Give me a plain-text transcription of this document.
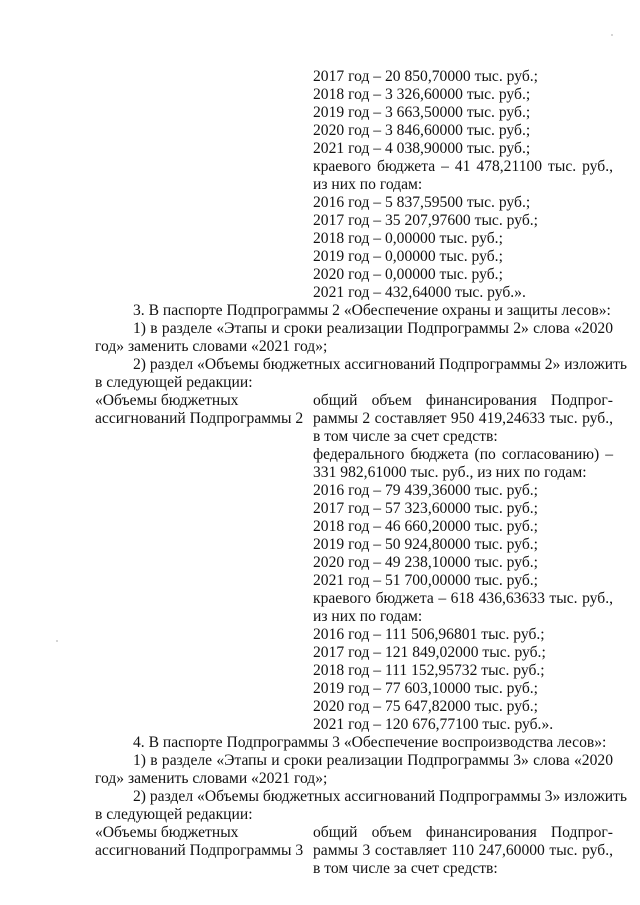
2017 год – 20 850,70000 тыс. руб.;
2018 год – 3 326,60000 тыс. руб.;
2019 год – 3 663,50000 тыс. руб.;
2020 год – 3 846,60000 тыс. руб.;
2021 год – 4 038,90000 тыс. руб.;
краевого бюджета – 41 478,21100 тыс. руб.,
из них по годам:
2016 год – 5 837,59500 тыс. руб.;
2017 год – 35 207,97600 тыс. руб.;
2018 год – 0,00000 тыс. руб.;
2019 год – 0,00000 тыс. руб.;
2020 год – 0,00000 тыс. руб.;
2021 год – 432,64000 тыс. руб.».
3. В паспорте Подпрограммы 2 «Обеспечение охраны и защиты лесов»:
1) в разделе «Этапы и сроки реализации Подпрограммы 2» слова «2020
год» заменить словами «2021 год»;
2) раздел «Объемы бюджетных ассигнований Подпрограммы 2» изложить
в следующей редакции:
«Объемы бюджетных
ассигнований Подпрограммы 2
общий объем финансирования Подпрог-
раммы 2 составляет 950 419,24633 тыс. руб.,
в том числе за счет средств:
федерального бюджета (по согласованию) –
331 982,61000 тыс. руб., из них по годам:
2016 год – 79 439,36000 тыс. руб.;
2017 год – 57 323,60000 тыс. руб.;
2018 год – 46 660,20000 тыс. руб.;
2019 год – 50 924,80000 тыс. руб.;
2020 год – 49 238,10000 тыс. руб.;
2021 год – 51 700,00000 тыс. руб.;
краевого бюджета – 618 436,63633 тыс. руб.,
из них по годам:
2016 год – 111 506,96801 тыс. руб.;
2017 год – 121 849,02000 тыс. руб.;
2018 год – 111 152,95732 тыс. руб.;
2019 год – 77 603,10000 тыс. руб.;
2020 год – 75 647,82000 тыс. руб.;
2021 год – 120 676,77100 тыс. руб.».
4. В паспорте Подпрограммы 3 «Обеспечение воспроизводства лесов»:
1) в разделе «Этапы и сроки реализации Подпрограммы 3» слова «2020
год» заменить словами «2021 год»;
2) раздел «Объемы бюджетных ассигнований Подпрограммы 3» изложить
в следующей редакции:
«Объемы бюджетных
ассигнований Подпрограммы 3
общий объем финансирования Подпрог-
раммы 3 составляет 110 247,60000 тыс. руб.,
в том числе за счет средств:
